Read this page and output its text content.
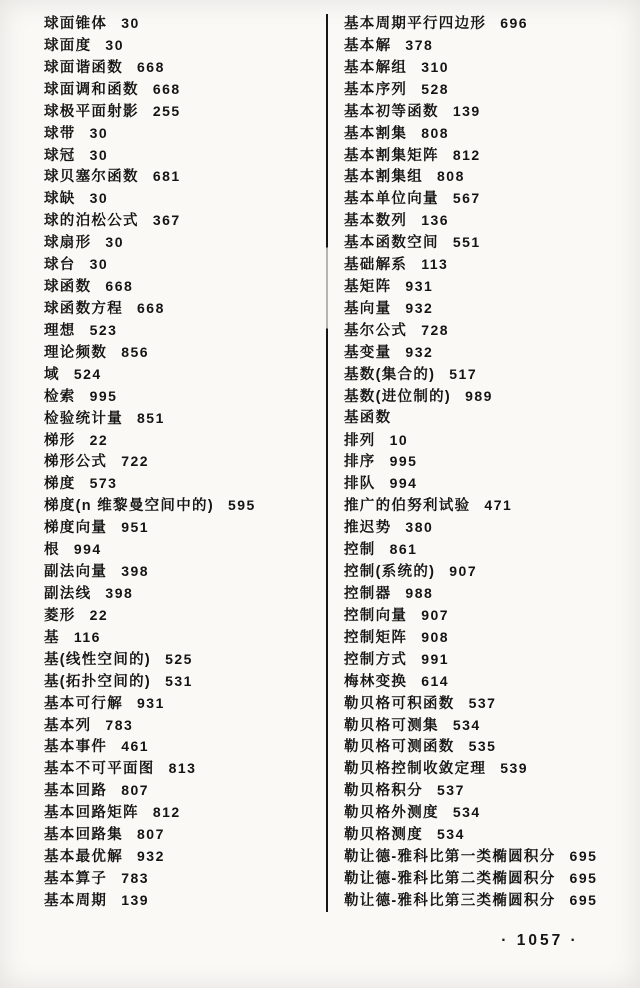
球面锥体 30
球面度 30
球面谐函数 668
球面调和函数 668
球极平面射影 255
球带 30
球冠 30
球贝塞尔函数 681
球缺 30
球的泊松公式 367
球扇形 30
球台 30
球函数 668
球函数方程 668
理想 523
理论频数 856
域 524
检索 995
检验统计量 851
梯形 22
梯形公式 722
梯度 573
梯度(n 维黎曼空间中的) 595
梯度向量 951
根 994
副法向量 398
副法线 398
菱形 22
基 116
基(线性空间的) 525
基(拓扑空间的) 531
基本可行解 931
基本列 783
基本事件 461
基本不可平面图 813
基本回路 807
基本回路矩阵 812
基本回路集 807
基本最优解 932
基本算子 783
基本周期 139
基本周期平行四边形 696
基本解 378
基本解组 310
基本序列 528
基本初等函数 139
基本割集 808
基本割集矩阵 812
基本割集组 808
基本单位向量 567
基本数列 136
基本函数空间 551
基础解系 113
基矩阵 931
基向量 932
基尔公式 728
基变量 932
基数(集合的) 517
基数(进位制的) 989
基函数
排列 10
排序 995
排队 994
推广的伯努利试验 471
推迟势 380
控制 861
控制(系统的) 907
控制器 988
控制向量 907
控制矩阵 908
控制方式 991
梅林变换 614
勒贝格可积函数 537
勒贝格可测集 534
勒贝格可测函数 535
勒贝格控制收敛定理 539
勒贝格积分 537
勒贝格外测度 534
勒贝格测度 534
勒让德-雅科比第一类椭圆积分 695
勒让德-雅科比第二类椭圆积分 695
勒让德-雅科比第三类椭圆积分 695
· 1057 ·
